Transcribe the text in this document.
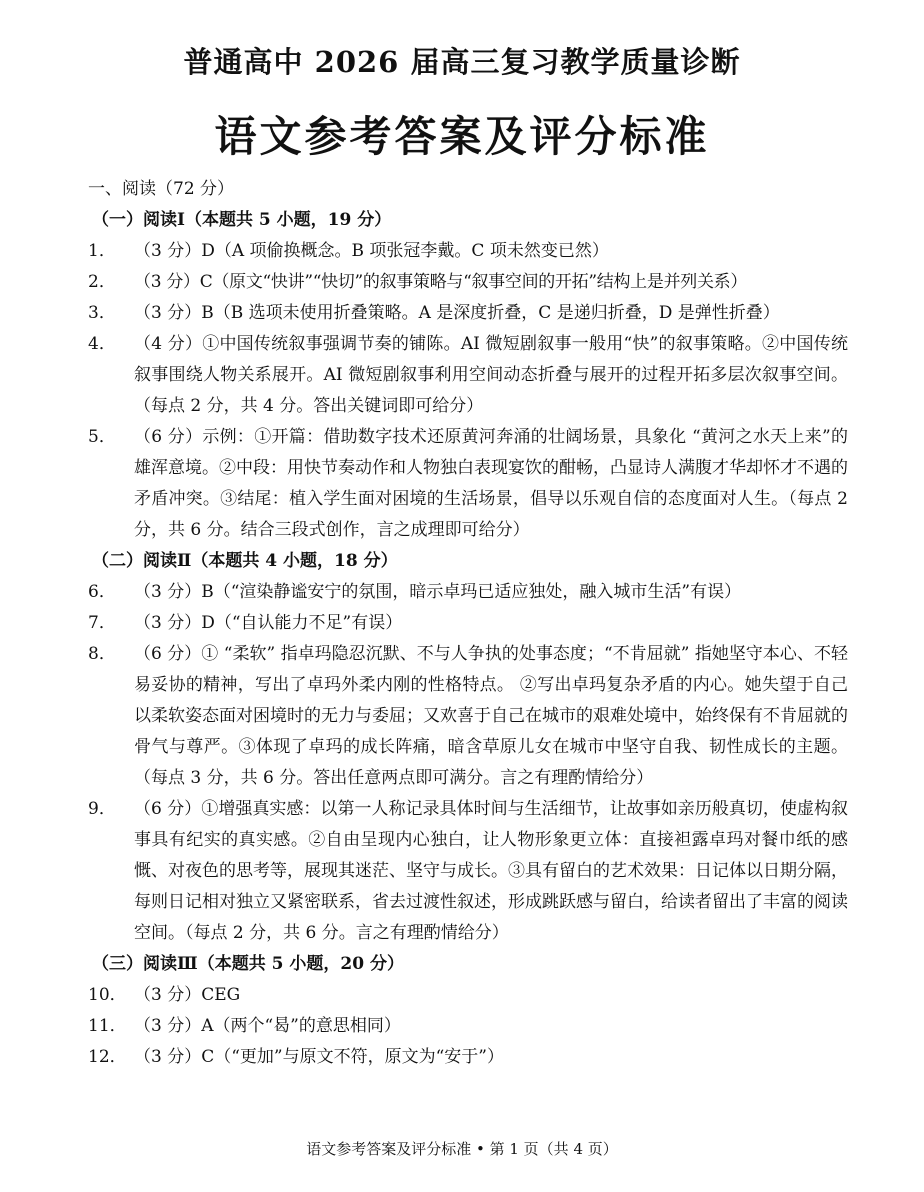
普通高中 2026 届高三复习教学质量诊断
语文参考答案及评分标准

一、阅读（72 分）

（一）阅读Ⅰ（本题共 5 小题，19 分）

1．	（3 分）D（A 项偷换概念。B 项张冠李戴。C 项未然变已然）
2．	（3 分）C（原文“快讲”“快切”的叙事策略与“叙事空间的开拓”结构上是并列关系）
3．	（3 分）B（B 选项未使用折叠策略。A 是深度折叠，C 是递归折叠，D 是弹性折叠）
4．	（4 分）①中国传统叙事强调节奏的铺陈。AI 微短剧叙事一般用“快”的叙事策略。②中国传统叙事围绕人物关系展开。AI 微短剧叙事利用空间动态折叠与展开的过程开拓多层次叙事空间。（每点 2 分，共 4 分。答出关键词即可给分）
5．	（6 分）示例：①开篇：借助数字技术还原黄河奔涌的壮阔场景，具象化 “黄河之水天上来”的雄浑意境。②中段：用快节奏动作和人物独白表现宴饮的酣畅，凸显诗人满腹才华却怀才不遇的矛盾冲突。③结尾：植入学生面对困境的生活场景，倡导以乐观自信的态度面对人生。（每点 2 分，共 6 分。结合三段式创作，言之成理即可给分）

（二）阅读Ⅱ（本题共 4 小题，18 分）

6．	（3 分）B（“渲染静谧安宁的氛围，暗示卓玛已适应独处，融入城市生活”有误）
7．	（3 分）D（“自认能力不足”有误）
8．	（6 分）① “柔软” 指卓玛隐忍沉默、不与人争执的处事态度；“不肯屈就” 指她坚守本心、不轻易妥协的精神，写出了卓玛外柔内刚的性格特点。 ②写出卓玛复杂矛盾的内心。她失望于自己以柔软姿态面对困境时的无力与委屈；又欢喜于自己在城市的艰难处境中，始终保有不肯屈就的骨气与尊严。③体现了卓玛的成长阵痛，暗含草原儿女在城市中坚守自我、韧性成长的主题。（每点 3 分，共 6 分。答出任意两点即可满分。言之有理酌情给分）
9．	（6 分）①增强真实感：以第一人称记录具体时间与生活细节，让故事如亲历般真切，使虚构叙事具有纪实的真实感。②自由呈现内心独白，让人物形象更立体：直接袒露卓玛对餐巾纸的感慨、对夜色的思考等，展现其迷茫、坚守与成长。③具有留白的艺术效果：日记体以日期分隔，每则日记相对独立又紧密联系，省去过渡性叙述，形成跳跃感与留白，给读者留出了丰富的阅读空间。（每点 2 分，共 6 分。言之有理酌情给分）

（三）阅读Ⅲ（本题共 5 小题，20 分）

10． （3 分）CEG
11． （3 分）A（两个“曷”的意思相同）
12． （3 分）C（“更加”与原文不符，原文为“安于”）
语文参考答案及评分标准 • 第 1 页（共 4 页）
